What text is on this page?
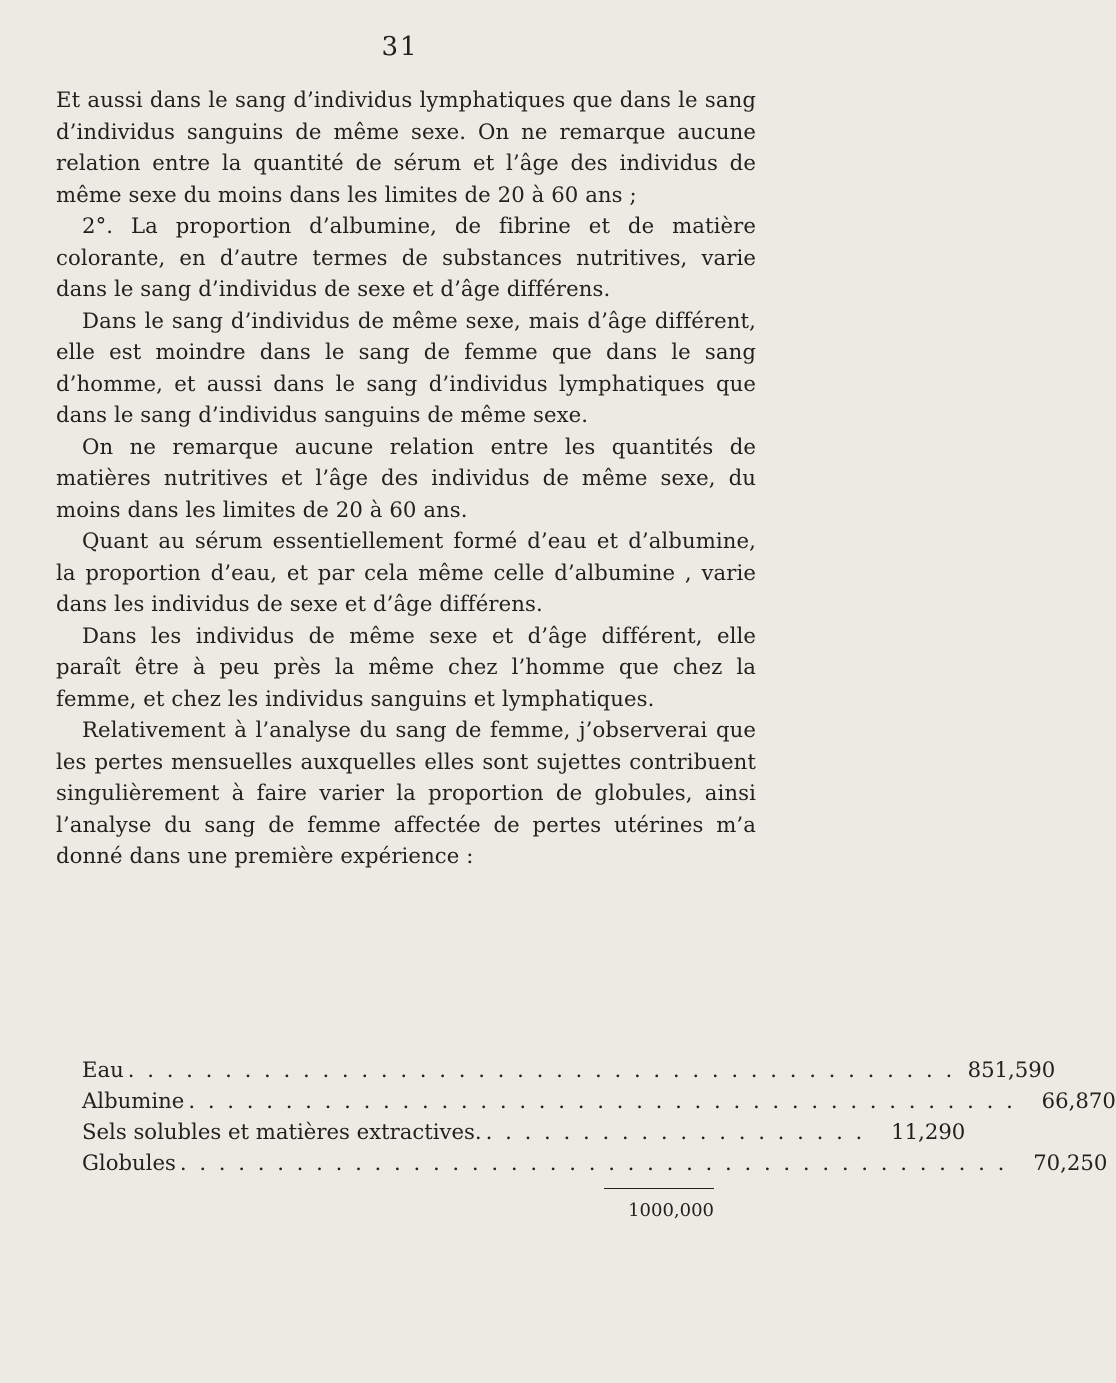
31

Et aussi dans le sang d’individus lymphatiques que dans le sang d’individus sanguins de même sexe. On ne remarque aucune relation entre la quantité de sérum et l’âge des individus de même sexe du moins dans les limites de 20 à 60 ans ;

2°. La proportion d’albumine, de fibrine et de matière colorante, en d’autre termes de substances nutritives, varie dans le sang d’individus de sexe et d’âge différens.

Dans le sang d’individus de même sexe, mais d’âge différent, elle est moindre dans le sang de femme que dans le sang d’homme, et aussi dans le sang d’individus lymphatiques que dans le sang d’individus sanguins de même sexe.

On ne remarque aucune relation entre les quantités de matières nutritives et l’âge des individus de même sexe, du moins dans les limites de 20 à 60 ans.

Quant au sérum essentiellement formé d’eau et d’albumine, la proportion d’eau, et par cela même celle d’albumine , varie dans les individus de sexe et d’âge différens.

Dans les individus de même sexe et d’âge différent, elle paraît être à peu près la même chez l’homme que chez la femme, et chez les individus sanguins et lymphatiques.

Relativement à l’analyse du sang de femme, j’observerai que les pertes mensuelles auxquelles elles sont sujettes contribuent singulièrement à faire varier la proportion de globules, ainsi l’analyse du sang de femme affectée de pertes utérines m’a donné dans une première expérience :

Eau . . . . . . . . . . . . . . . . . . . . . . . . . . . . . . . . . . . . . . . . . . . 851,590
Albumine . . . . . . . . . . . . . . . . . . . . . . . . . . . . . . . . . . . . . . . . . . .	66,870
Sels solubles et matières extractives. . . . . . . . . . . . . . . . . . . . .	11,290
Globules . . . . . . . . . . . . . . . . . . . . . . . . . . . . . . . . . . . . . . . . . . .	70,250
1000,000
